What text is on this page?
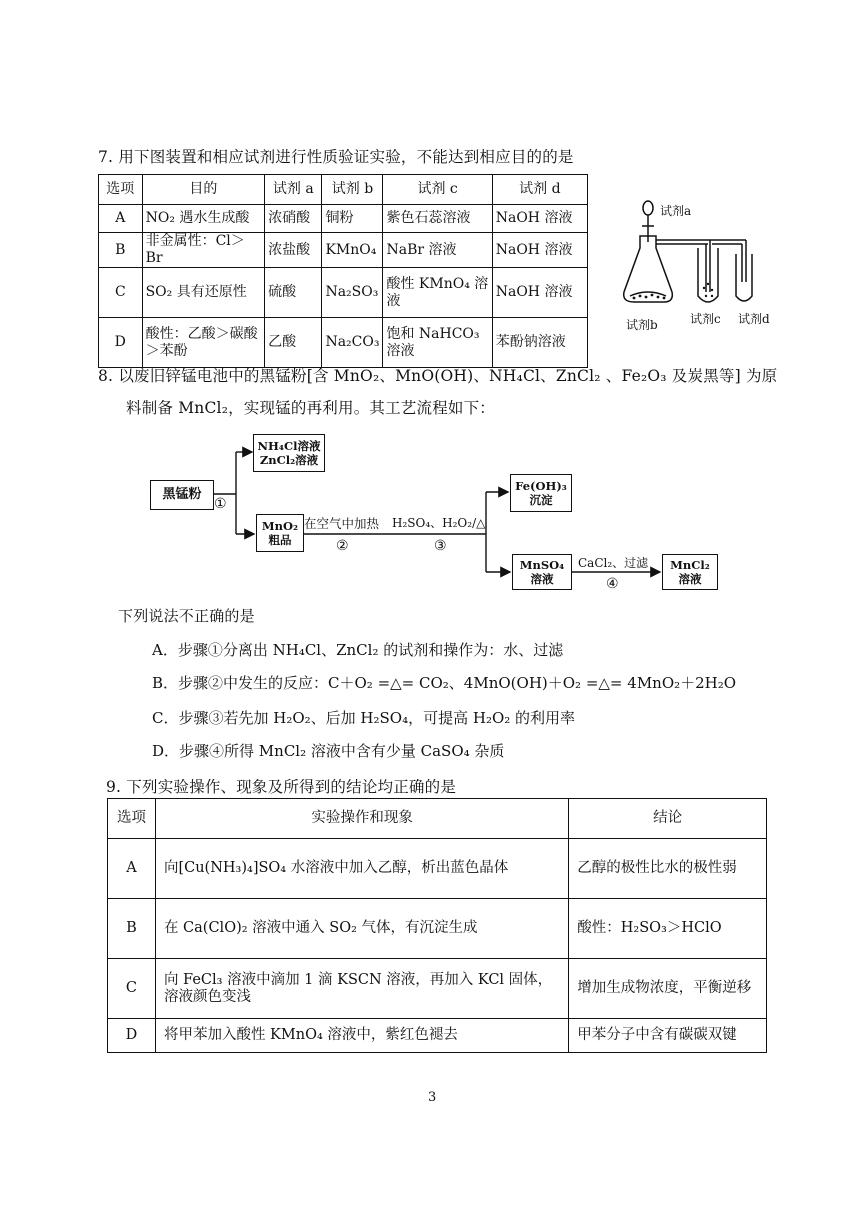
7. 用下图装置和相应试剂进行性质验证实验，不能达到相应目的的是
选项	目的	试剂 a	试剂 b	试剂 c	试剂 d
A	NO₂ 遇水生成酸	浓硝酸	铜粉	紫色石蕊溶液	NaOH 溶液
B	非金属性：Cl＞Br	浓盐酸	KMnO₄	NaBr 溶液	NaOH 溶液
C	SO₂ 具有还原性	硫酸	Na₂SO₃	酸性 KMnO₄ 溶液	NaOH 溶液
D	酸性：乙酸＞碳酸＞苯酚	乙酸	Na₂CO₃	饱和 NaHCO₃ 溶液	苯酚钠溶液
试剂a
试剂b	试剂c 试剂d
8. 以废旧锌锰电池中的黑锰粉[含 MnO₂、MnO(OH)、NH₄Cl、ZnCl₂ 、Fe₂O₃ 及炭黑等] 为原
料制备 MnCl₂，实现锰的再利用。其工艺流程如下：
黑锰粉
NH₄Cl溶液
ZnCl₂溶液
MnO₂
粗品
Fe(OH)₃
沉淀
MnSO₄
溶液
MnCl₂
溶液
①
在空气中加热
②
H₂SO₄、H₂O₂/△
③
CaCl₂、过滤
④
下列说法不正确的是
A．步骤①分离出 NH₄Cl、ZnCl₂ 的试剂和操作为：水、过滤
B．步骤②中发生的反应：C＋O₂ =△= CO₂、4MnO(OH)＋O₂ =△= 4MnO₂＋2H₂O
C．步骤③若先加 H₂O₂、后加 H₂SO₄，可提高 H₂O₂ 的利用率
D．步骤④所得 MnCl₂ 溶液中含有少量 CaSO₄ 杂质
9. 下列实验操作、现象及所得到的结论均正确的是
选项	实验操作和现象	结论
A	向[Cu(NH₃)₄]SO₄ 水溶液中加入乙醇，析出蓝色晶体	乙醇的极性比水的极性弱
B	在 Ca(ClO)₂ 溶液中通入 SO₂ 气体，有沉淀生成	酸性：H₂SO₃＞HClO
C	向 FeCl₃ 溶液中滴加 1 滴 KSCN 溶液，再加入 KCl 固体，溶液颜色变浅	增加生成物浓度，平衡逆移
D	将甲苯加入酸性 KMnO₄ 溶液中，紫红色褪去	甲苯分子中含有碳碳双键
3
